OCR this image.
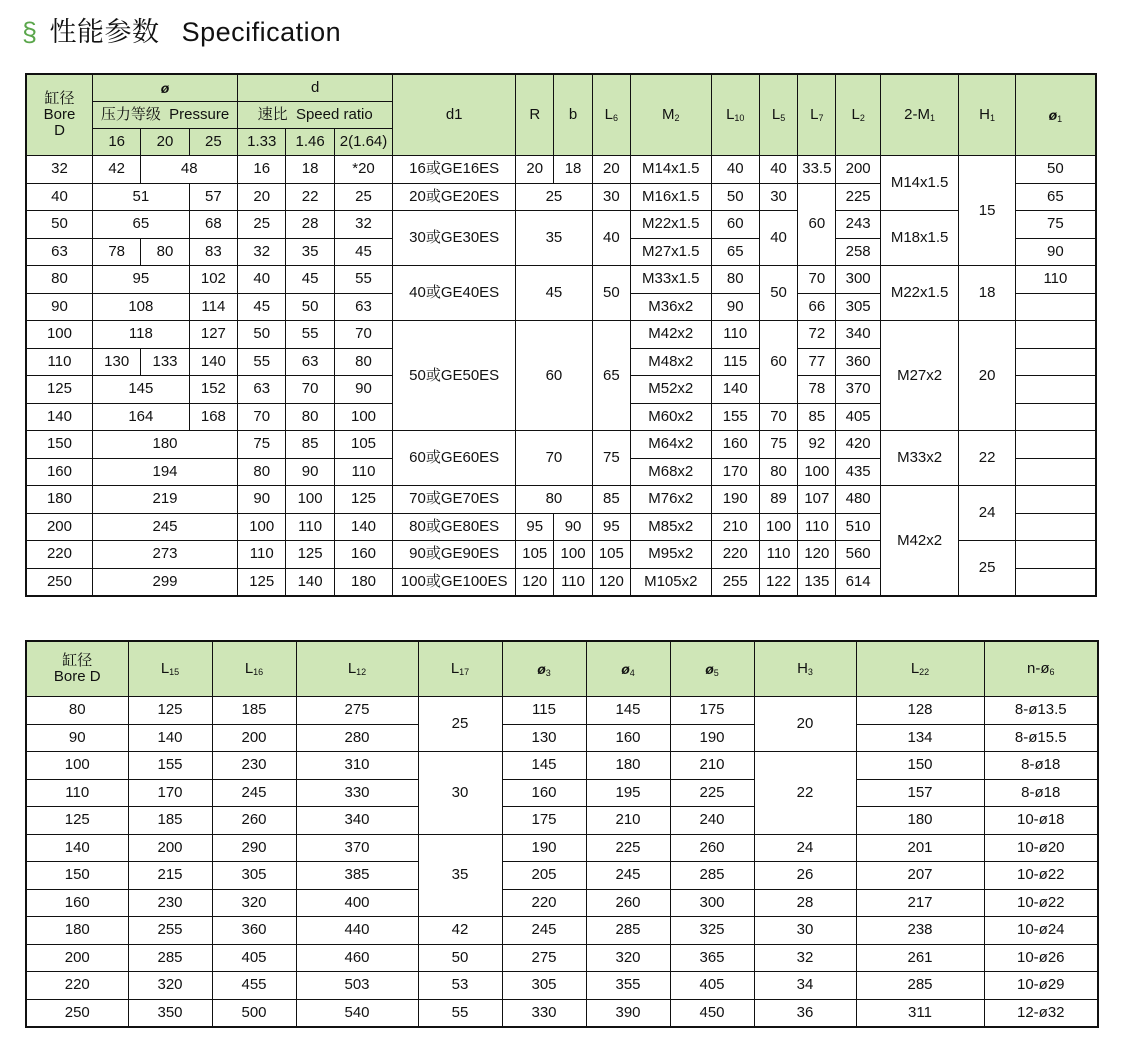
§ 性能参数 Specification
缸径
Bore
D	ø			d			d1	R	b	$L_6$	$M_2$	$L_{10}$	$L_5$	$L_7$	$L_2$	$2-M_1$	$H_1$	$ø_1$
	压力等级  Pressure			速比  Speed ratio														
	16	20	25	1.33	1.46	2(1.64)												
32	42	48		16	18	*20	16或GE16ES	20	18	20	M14x1.5	40	40	33.5	200	M14x1.5	15	50
40	51		57	20	22	25	20或GE20ES	25		30	M16x1.5	50	30	60	225			65
50	65		68	25	28	32	30或GE30ES	35		40	M22x1.5	60	40		243	M18x1.5		75
63	78	80	83	32	35	45					M27x1.5	65			258			90
80	95		102	40	45	55	40或GE40ES	45		50	M33x1.5	80	50	70	300	M22x1.5	18	110
90	108		114	45	50	63					M36x2	90		66	305			
100	118		127	50	55	70	50或GE50ES	60		65	M42x2	110	60	72	340	M27x2	20	
110	130	133	140	55	63	80					M48x2	115		77	360			
125	145		152	63	70	90					M52x2	140		78	370			
140	164		168	70	80	100					M60x2	155	70	85	405			
150	180			75	85	105	60或GE60ES	70		75	M64x2	160	75	92	420	M33x2	22	
160	194			80	90	110					M68x2	170	80	100	435			
180	219			90	100	125	70或GE70ES	80		85	M76x2	190	89	107	480	M42x2	24	
200	245			100	110	140	80或GE80ES	95	90	95	M85x2	210	100	110	510			
220	273			110	125	160	90或GE90ES	105	100	105	M95x2	220	110	120	560		25	
250	299			125	140	180	100或GE100ES	120	110	120	M105x2	255	122	135	614			
缸径
Bore D	$L_{15}$	$L_{16}$	$L_{12}$	$L_{17}$	$ø_3$	$ø_4$	$ø_5$	$H_3$	$L_{22}$	$n-ø_6$
80	125	185	275	25	115	145	175	20	128	8-ø13.5
90	140	200	280		130	160	190		134	8-ø15.5
100	155	230	310	30	145	180	210	22	150	8-ø18
110	170	245	330		160	195	225		157	8-ø18
125	185	260	340		175	210	240		180	10-ø18
140	200	290	370	35	190	225	260	24	201	10-ø20
150	215	305	385		205	245	285	26	207	10-ø22
160	230	320	400		220	260	300	28	217	10-ø22
180	255	360	440	42	245	285	325	30	238	10-ø24
200	285	405	460	50	275	320	365	32	261	10-ø26
220	320	455	503	53	305	355	405	34	285	10-ø29
250	350	500	540	55	330	390	450	36	311	12-ø32
